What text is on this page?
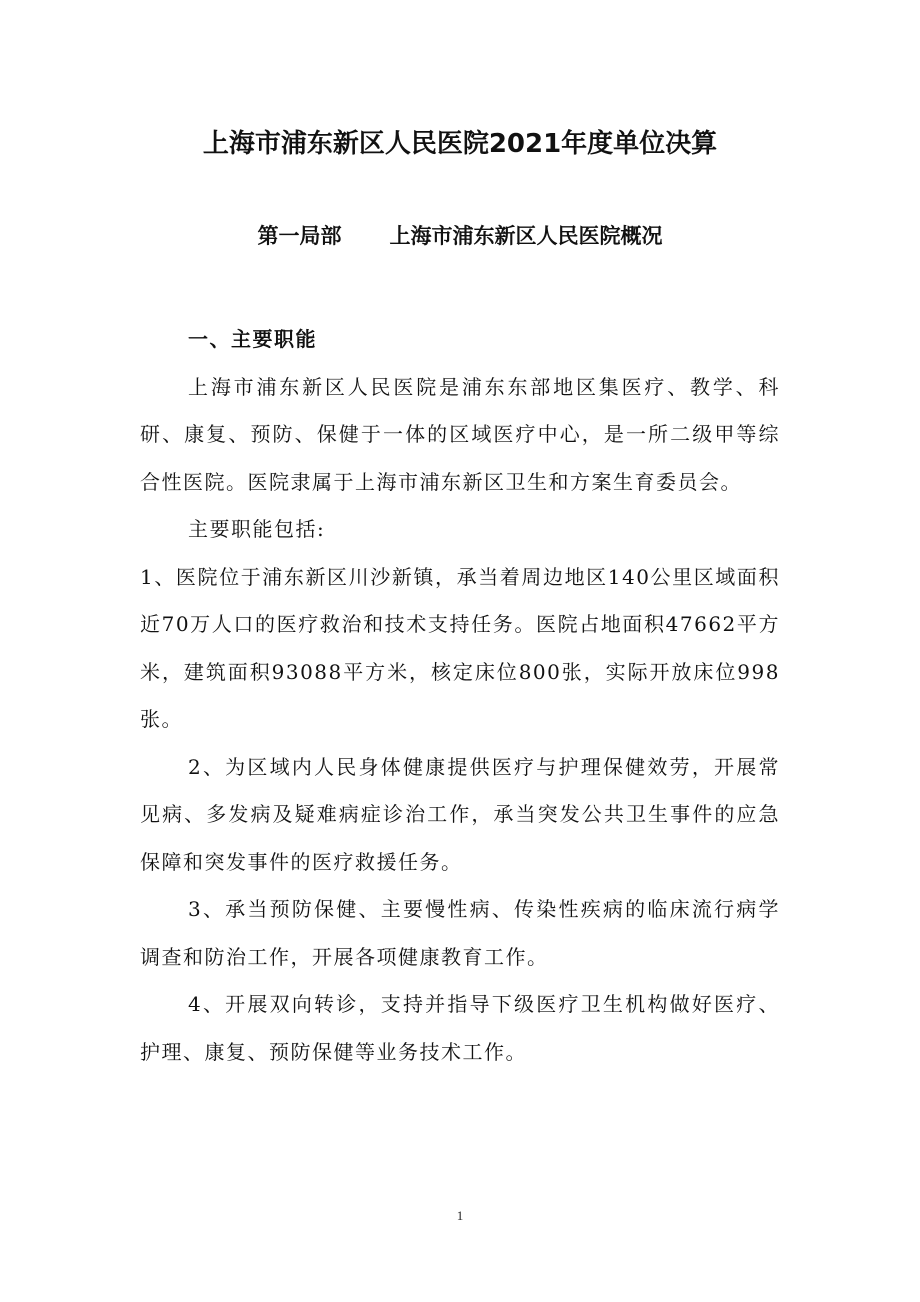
上海市浦东新区人民医院2021年度单位决算
第一局部 上海市浦东新区人民医院概况

一、主要职能

上海市浦东新区人民医院是浦东东部地区集医疗、教学、科研、康复、预防、保健于一体的区域医疗中心，是一所二级甲等综合性医院。医院隶属于上海市浦东新区卫生和方案生育委员会。

主要职能包括:

1、医院位于浦东新区川沙新镇，承当着周边地区140公里区域面积近70万人口的医疗救治和技术支持任务。医院占地面积47662平方米，建筑面积93088平方米，核定床位800张，实际开放床位998张。

2、为区域内人民身体健康提供医疗与护理保健效劳，开展常见病、多发病及疑难病症诊治工作，承当突发公共卫生事件的应急保障和突发事件的医疗救援任务。

3、承当预防保健、主要慢性病、传染性疾病的临床流行病学调查和防治工作，开展各项健康教育工作。

4、开展双向转诊，支持并指导下级医疗卫生机构做好医疗、护理、康复、预防保健等业务技术工作。

1
